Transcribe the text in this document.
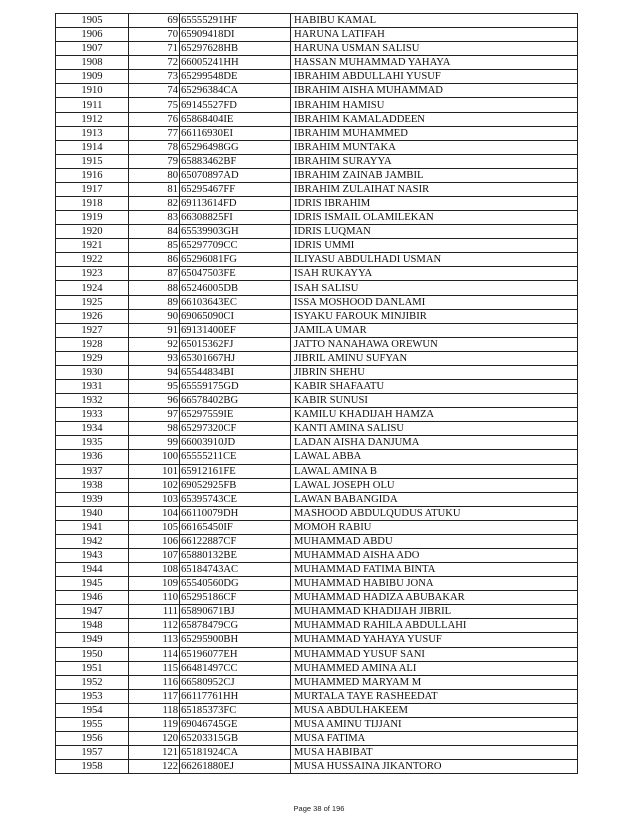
1905	69	65555291HF	HABIBU KAMAL
1906	70	65909418DI	HARUNA LATIFAH
1907	71	65297628HB	HARUNA USMAN SALISU
1908	72	66005241HH	HASSAN MUHAMMAD YAHAYA
1909	73	65299548DE	IBRAHIM ABDULLAHI YUSUF
1910	74	65296384CA	IBRAHIM AISHA MUHAMMAD
1911	75	69145527FD	IBRAHIM HAMISU
1912	76	65868404IE	IBRAHIM KAMALADDEEN
1913	77	66116930EI	IBRAHIM MUHAMMED
1914	78	65296498GG	IBRAHIM MUNTAKA
1915	79	65883462BF	IBRAHIM SURAYYA
1916	80	65070897AD	IBRAHIM ZAINAB JAMBIL
1917	81	65295467FF	IBRAHIM ZULAIHAT NASIR
1918	82	69113614FD	IDRIS IBRAHIM
1919	83	66308825FI	IDRIS ISMAIL OLAMILEKAN
1920	84	65539903GH	IDRIS LUQMAN
1921	85	65297709CC	IDRIS UMMI
1922	86	65296081FG	ILIYASU ABDULHADI USMAN
1923	87	65047503FE	ISAH RUKAYYA
1924	88	65246005DB	ISAH SALISU
1925	89	66103643EC	ISSA MOSHOOD DANLAMI
1926	90	69065090CI	ISYAKU FAROUK MINJIBIR
1927	91	69131400EF	JAMILA UMAR
1928	92	65015362FJ	JATTO NANAHAWA OREWUN
1929	93	65301667HJ	JIBRIL AMINU SUFYAN
1930	94	65544834BI	JIBRIN SHEHU
1931	95	65559175GD	KABIR SHAFAATU
1932	96	66578402BG	KABIR SUNUSI
1933	97	65297559IE	KAMILU KHADIJAH HAMZA
1934	98	65297320CF	KANTI AMINA SALISU
1935	99	66003910JD	LADAN AISHA DANJUMA
1936	100	65555211CE	LAWAL ABBA
1937	101	65912161FE	LAWAL AMINA B
1938	102	69052925FB	LAWAL JOSEPH OLU
1939	103	65395743CE	LAWAN BABANGIDA
1940	104	66110079DH	MASHOOD ABDULQUDUS ATUKU
1941	105	66165450IF	MOMOH RABIU
1942	106	66122887CF	MUHAMMAD ABDU
1943	107	65880132BE	MUHAMMAD AISHA ADO
1944	108	65184743AC	MUHAMMAD FATIMA BINTA
1945	109	65540560DG	MUHAMMAD HABIBU JONA
1946	110	65295186CF	MUHAMMAD HADIZA ABUBAKAR
1947	111	65890671BJ	MUHAMMAD KHADIJAH JIBRIL
1948	112	65878479CG	MUHAMMAD RAHILA ABDULLAHI
1949	113	65295900BH	MUHAMMAD YAHAYA YUSUF
1950	114	65196077EH	MUHAMMAD YUSUF SANI
1951	115	66481497CC	MUHAMMED AMINA ALI
1952	116	66580952CJ	MUHAMMED MARYAM M
1953	117	66117761HH	MURTALA TAYE RASHEEDAT
1954	118	65185373FC	MUSA ABDULHAKEEM
1955	119	69046745GE	MUSA AMINU TIJJANI
1956	120	65203315GB	MUSA FATIMA
1957	121	65181924CA	MUSA HABIBAT
1958	122	66261880EJ	MUSA HUSSAINA JIKANTORO
Page 38 of 196
